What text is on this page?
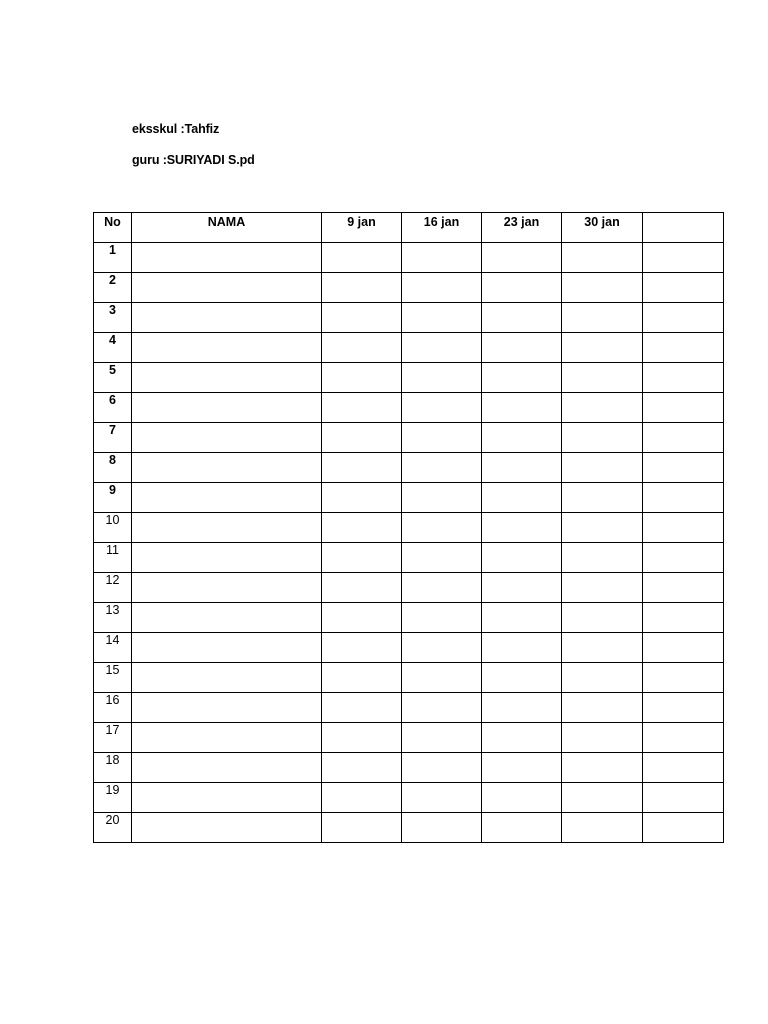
eksskul :Tahfiz
guru :SURIYADI S.pd
No	NAMA	9 jan	16 jan	23 jan	30 jan	
1						
2						
3						
4						
5						
6						
7						
8						
9						
10						
11						
12						
13						
14						
15						
16						
17						
18						
19						
20						
